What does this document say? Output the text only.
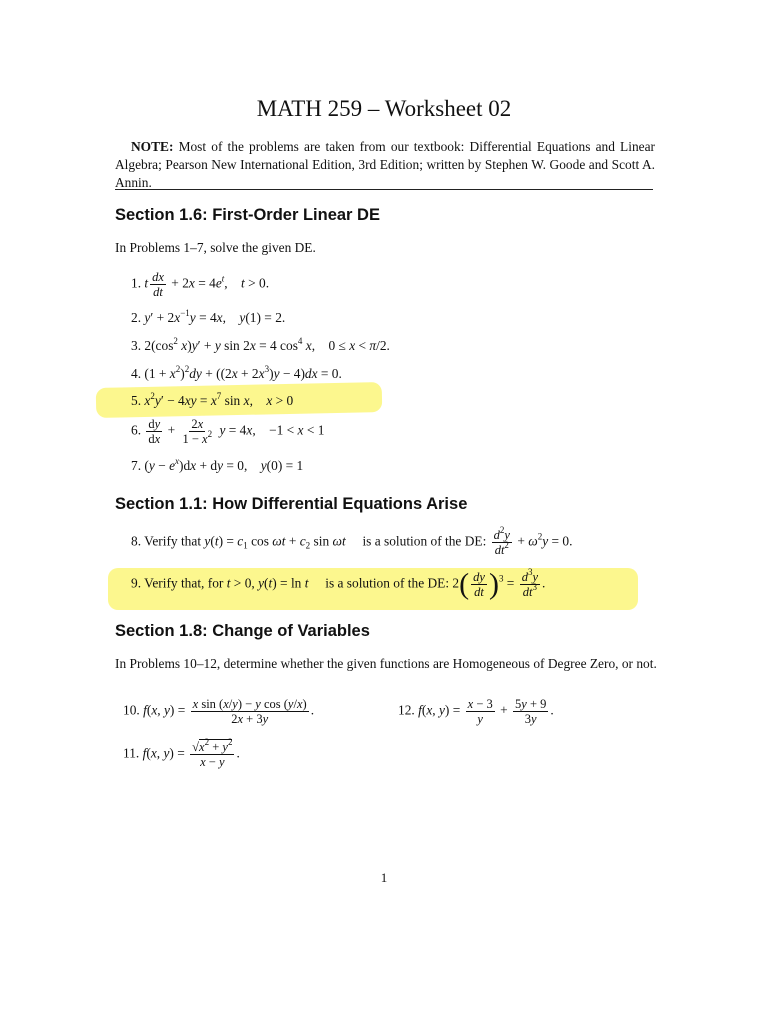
MATH 259 – Worksheet 02
NOTE: Most of the problems are taken from our textbook: Differential Equations and Linear Algebra; Pearson New International Edition, 3rd Edition; written by Stephen W. Goode and Scott A. Annin.
Section 1.6: First-Order Linear DE
In Problems 1–7, solve the given DE.
1. t $\frac{dx}{dt} + 2x = 4e^t$,    t > 0.
2. $y' + 2x^{-1}y = 4x$,    y(1) = 2.
3. $2(\cos^2$ x)y′ + y sin 2x = 4 $\cos^4 x$,    0 ≤ x < π/2.
4. $(1 + x^2)^2dy + ((2x + 2x^3)y - 4)dx = 0$.
5. $x^2y' - 4xy = x^7$ sin x,    x > 0
6. $\frac{dy}{dx} + \frac{2x}{1 - x^2}$ y = 4x,    −1 < x < 1
7. $(y - e^x)dx$ + dy = 0,    y(0) = 1
Section 1.1: How Differential Equations Arise
8. Verify that $y(t) = c_1$ $\cos \omega t + c_2$ sin ωt is a solution of the DE: $\frac{d^2y}{dt^2} + \omega^2y = 0$.
9. Verify that, for t > 0, y(t) = ln t is a solution of the DE: $2( \frac{dy}{dt} )^3 = \frac{d^3y}{dt^3}$ .
Section 1.8: Change of Variables
In Problems 10–12, determine whether the given functions are Homogeneous of Degree Zero, or not.
10. f(x, $y) = \frac{\text{x sin (x/y) − y cos (y/x)}}{2x + 3y}$ .	12. f(x, $y) = \frac{x - 3}{y} + \frac{5y + 9}{3y}$ .
11. f(x, $y) = \frac{√x^2 + y^2}{x - y}$ .
1
